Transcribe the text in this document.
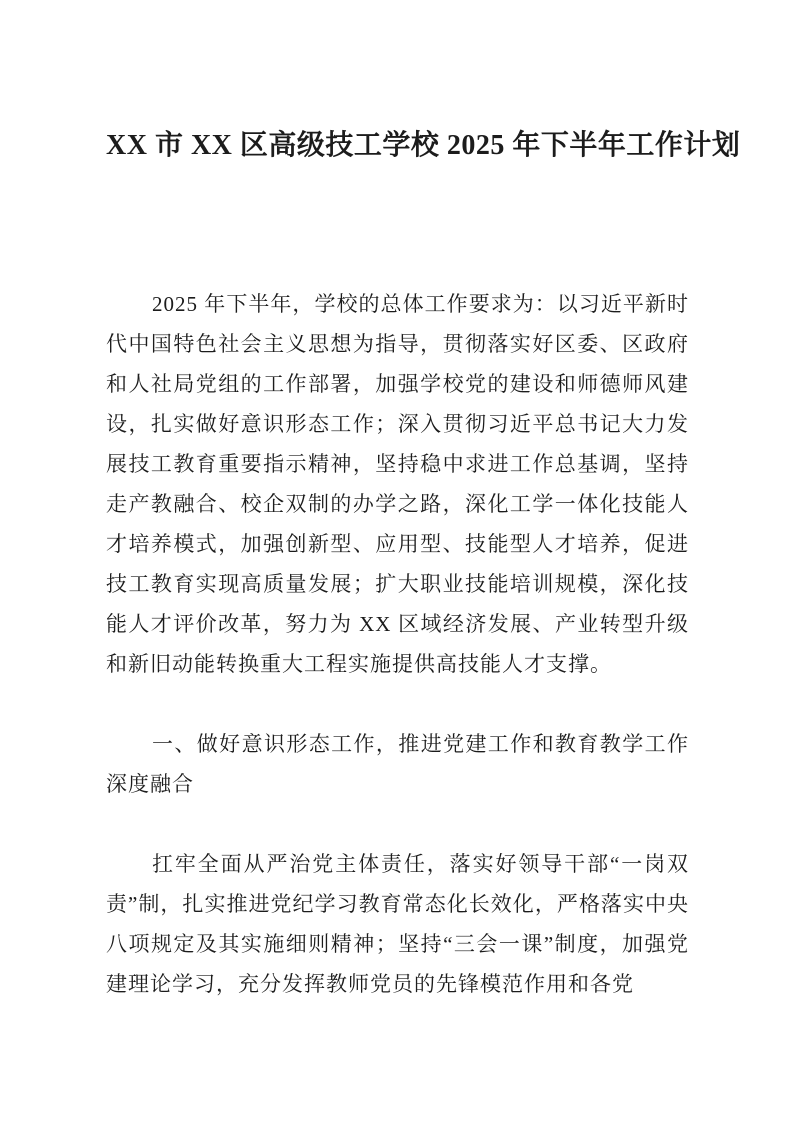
XX 市 XX 区高级技工学校 2025 年下半年工作计划

2025 年下半年，学校的总体工作要求为：以习近平新时代中国特色社会主义思想为指导，贯彻落实好区委、区政府和人社局党组的工作部署，加强学校党的建设和师德师风建设，扎实做好意识形态工作；深入贯彻习近平总书记大力发展技工教育重要指示精神，坚持稳中求进工作总基调，坚持走产教融合、校企双制的办学之路，深化工学一体化技能人才培养模式，加强创新型、应用型、技能型人才培养，促进技工教育实现高质量发展；扩大职业技能培训规模，深化技能人才评价改革，努力为 XX 区域经济发展、产业转型升级和新旧动能转换重大工程实施提供高技能人才支撑。

一、做好意识形态工作，推进党建工作和教育教学工作深度融合

扛牢全面从严治党主体责任，落实好领导干部“一岗双责”制，扎实推进党纪学习教育常态化长效化，严格落实中央八项规定及其实施细则精神；坚持“三会一课”制度，加强党建理论学习，充分发挥教师党员的先锋模范作用和各党
